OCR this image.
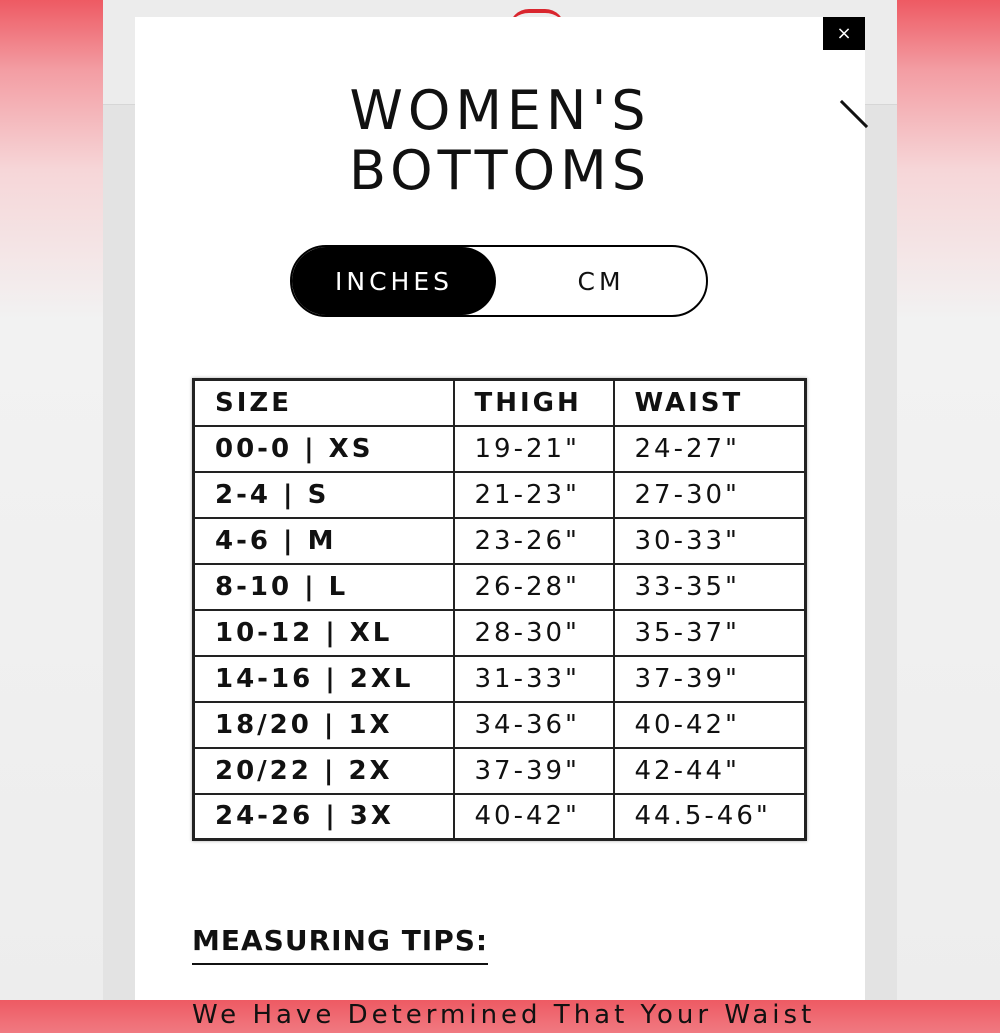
×
WOMEN'S
BOTTOMS
INCHES	CM
SIZE	THIGH	WAIST
00-0 | XS	19-21"	24-27"
2-4 | S	21-23"	27-30"
4-6 | M	23-26"	30-33"
8-10 | L	26-28"	33-35"
10-12 | XL	28-30"	35-37"
14-16 | 2XL	31-33"	37-39"
18/20 | 1X	34-36"	40-42"
20/22 | 2X	37-39"	42-44"
24-26 | 3X	40-42"	44.5-46"
MEASURING TIPS:

We Have Determined That Your Waist
